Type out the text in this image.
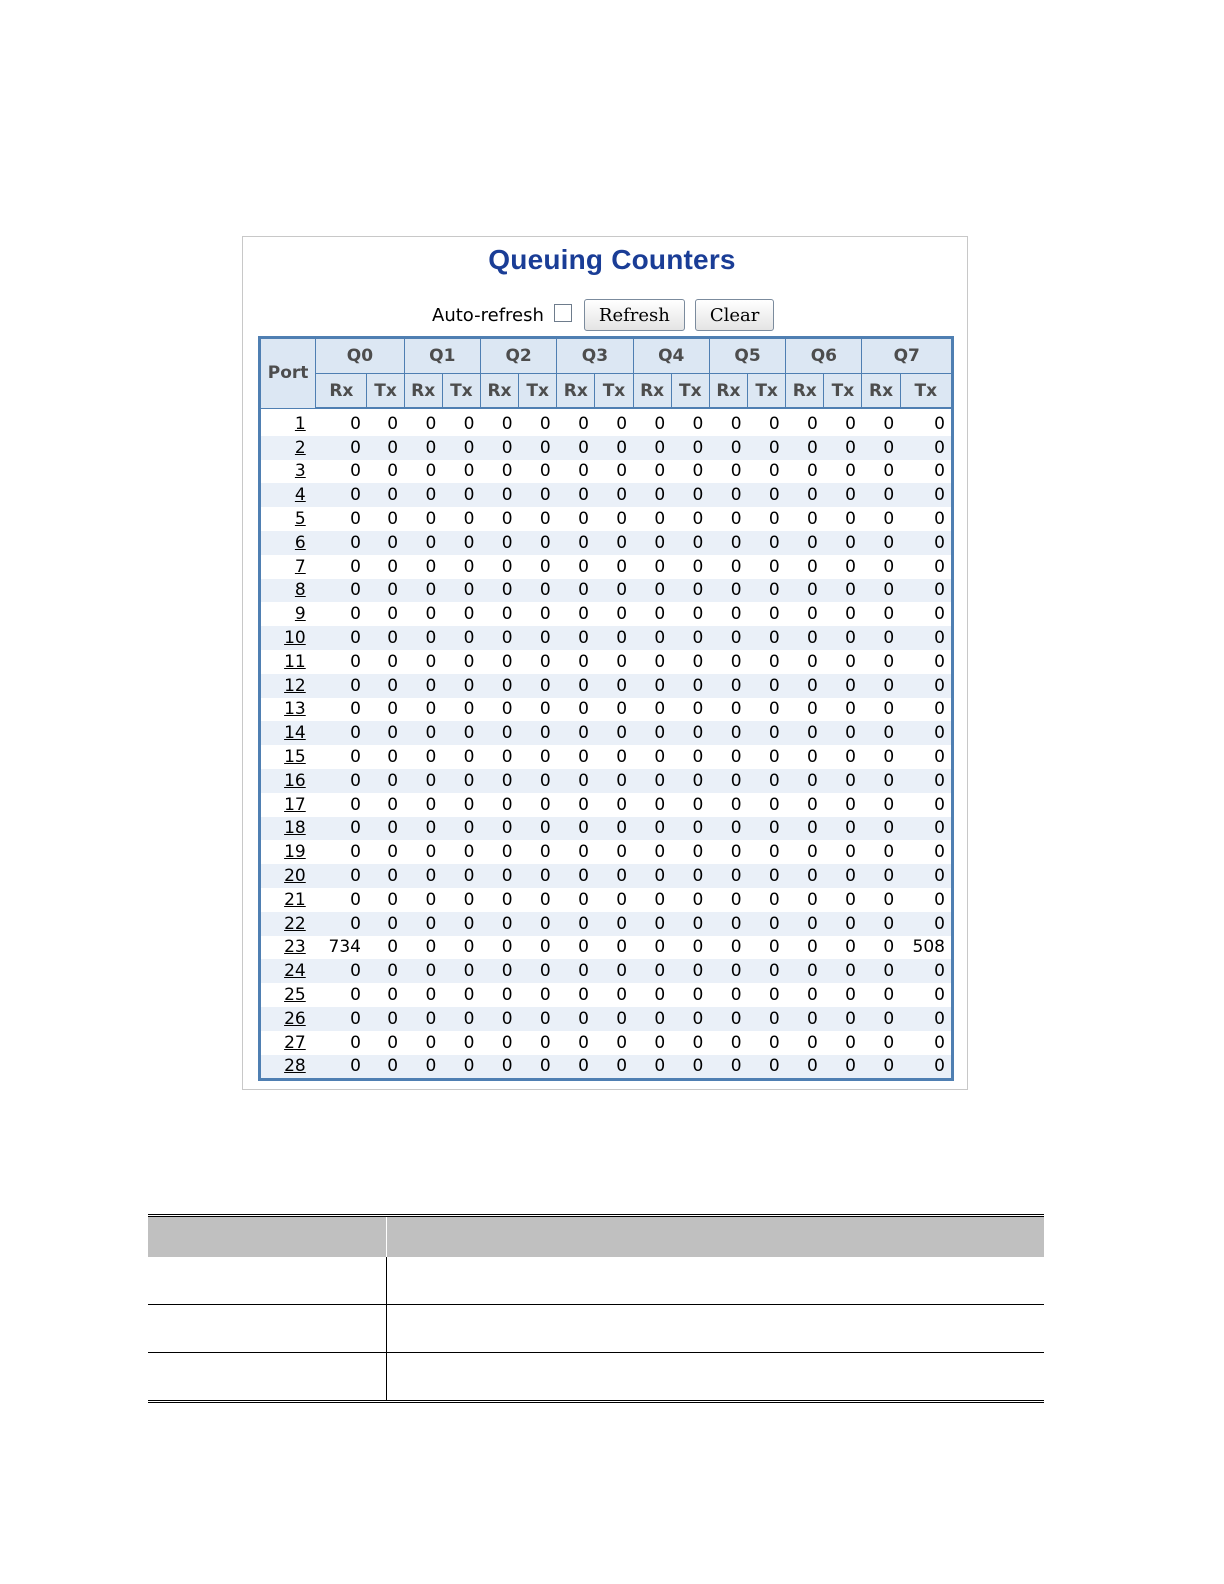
Queuing Counters
Auto-refresh	Refresh	Clear
Port	Q0		Q1		Q2		Q3		Q4		Q5		Q6		Q7	
	Rx	Tx	Rx	Tx	Rx	Tx	Rx	Tx	Rx	Tx	Rx	Tx	Rx	Tx	Rx	Tx
1	0	0	0	0	0	0	0	0	0	0	0	0	0	0	0	0
2	0	0	0	0	0	0	0	0	0	0	0	0	0	0	0	0
3	0	0	0	0	0	0	0	0	0	0	0	0	0	0	0	0
4	0	0	0	0	0	0	0	0	0	0	0	0	0	0	0	0
5	0	0	0	0	0	0	0	0	0	0	0	0	0	0	0	0
6	0	0	0	0	0	0	0	0	0	0	0	0	0	0	0	0
7	0	0	0	0	0	0	0	0	0	0	0	0	0	0	0	0
8	0	0	0	0	0	0	0	0	0	0	0	0	0	0	0	0
9	0	0	0	0	0	0	0	0	0	0	0	0	0	0	0	0
10	0	0	0	0	0	0	0	0	0	0	0	0	0	0	0	0
11	0	0	0	0	0	0	0	0	0	0	0	0	0	0	0	0
12	0	0	0	0	0	0	0	0	0	0	0	0	0	0	0	0
13	0	0	0	0	0	0	0	0	0	0	0	0	0	0	0	0
14	0	0	0	0	0	0	0	0	0	0	0	0	0	0	0	0
15	0	0	0	0	0	0	0	0	0	0	0	0	0	0	0	0
16	0	0	0	0	0	0	0	0	0	0	0	0	0	0	0	0
17	0	0	0	0	0	0	0	0	0	0	0	0	0	0	0	0
18	0	0	0	0	0	0	0	0	0	0	0	0	0	0	0	0
19	0	0	0	0	0	0	0	0	0	0	0	0	0	0	0	0
20	0	0	0	0	0	0	0	0	0	0	0	0	0	0	0	0
21	0	0	0	0	0	0	0	0	0	0	0	0	0	0	0	0
22	0	0	0	0	0	0	0	0	0	0	0	0	0	0	0	0
23	734	0	0	0	0	0	0	0	0	0	0	0	0	0	0	508
24	0	0	0	0	0	0	0	0	0	0	0	0	0	0	0	0
25	0	0	0	0	0	0	0	0	0	0	0	0	0	0	0	0
26	0	0	0	0	0	0	0	0	0	0	0	0	0	0	0	0
27	0	0	0	0	0	0	0	0	0	0	0	0	0	0	0	0
28	0	0	0	0	0	0	0	0	0	0	0	0	0	0	0	0
